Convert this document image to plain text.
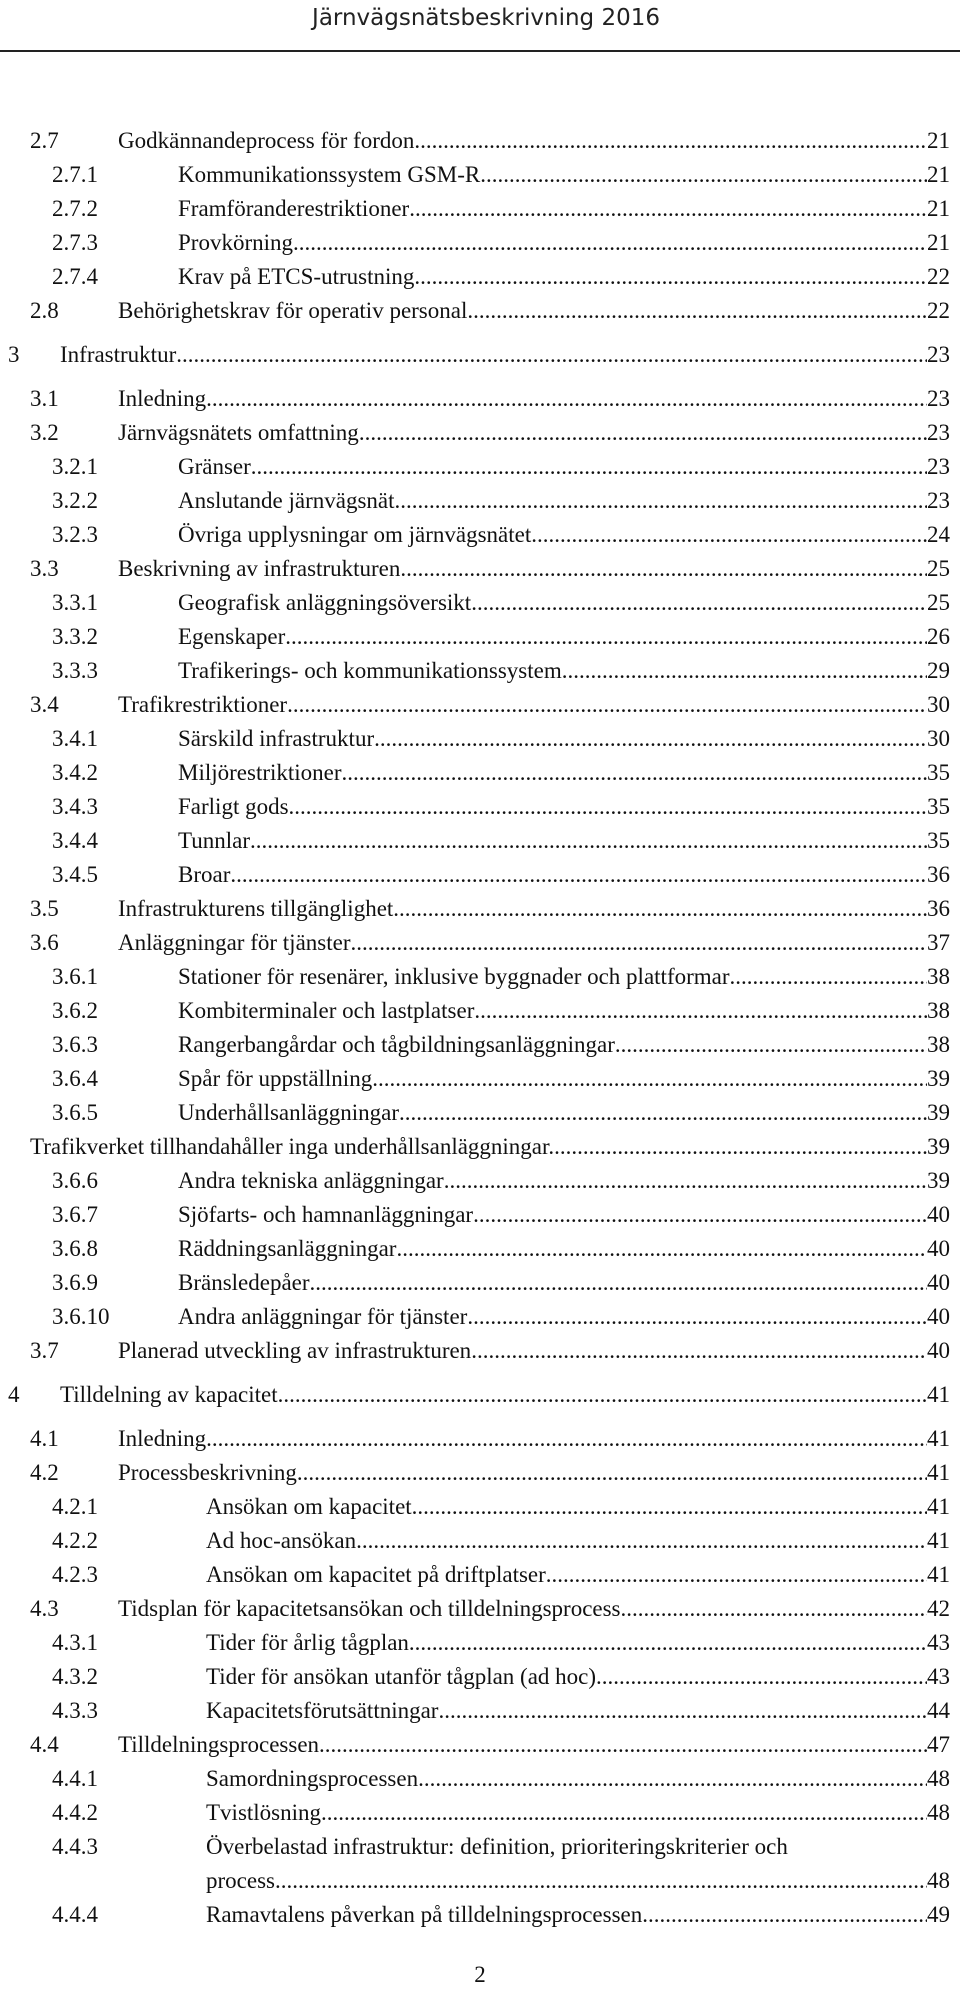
Järnvägsnätsbeskrivning 2016
2.7	Godkännandeprocess för fordon .....	21
2.7.1	Kommunikationssystem GSM-R .....	21
2.7.2	Framföranderestriktioner .....	21
2.7.3	Provkörning .....	21
2.7.4	Krav på ETCS-utrustning .....	22
2.8	Behörighetskrav för operativ personal .....	22
3 Infrastruktur .....	23
3.1	Inledning .....	23
3.2	Järnvägsnätets omfattning .....	23
3.2.1	Gränser .....	23
3.2.2	Anslutande järnvägsnät .....	23
3.2.3	Övriga upplysningar om järnvägsnätet .....	24
3.3	Beskrivning av infrastrukturen .....	25
3.3.1	Geografisk anläggningsöversikt .....	25
3.3.2	Egenskaper .....	26
3.3.3	Trafikerings- och kommunikationssystem .....	29
3.4	Trafikrestriktioner .....	30
3.4.1	Särskild infrastruktur .....	30
3.4.2	Miljörestriktioner .....	35
3.4.3	Farligt gods .....	35
3.4.4	Tunnlar .....	35
3.4.5	Broar .....	36
3.5	Infrastrukturens tillgänglighet .....	36
3.6	Anläggningar för tjänster .....	37
3.6.1	Stationer för resenärer, inklusive byggnader och plattformar .....	38
3.6.2	Kombiterminaler och lastplatser .....	38
3.6.3	Rangerbangårdar och tågbildningsanläggningar .....	38
3.6.4	Spår för uppställning .....	39
3.6.5	Underhållsanläggningar .....	39
Trafikverket tillhandahåller inga underhållsanläggningar. .....	39
3.6.6	Andra tekniska anläggningar .....	39
3.6.7	Sjöfarts- och hamnanläggningar .....	40
3.6.8	Räddningsanläggningar .....	40
3.6.9	Bränsledepåer .....	40
3.6.10	Andra anläggningar för tjänster .....	40
3.7	Planerad utveckling av infrastrukturen .....	40
4 Tilldelning av kapacitet .....	41
4.1	Inledning .....	41
4.2	Processbeskrivning .....	41
4.2.1	Ansökan om kapacitet .....	41
4.2.2	Ad hoc-ansökan .....	41
4.2.3	Ansökan om kapacitet på driftplatser .....	41
4.3	Tidsplan för kapacitetsansökan och tilldelningsprocess .....	42
4.3.1	Tider för årlig tågplan .....	43
4.3.2	Tider för ansökan utanför tågplan (ad hoc) .....	43
4.3.3	Kapacitetsförutsättningar .....	44
4.4	Tilldelningsprocessen .....	47
4.4.1	Samordningsprocessen .....	48
4.4.2	Tvistlösning .....	48
4.4.3	Överbelastad infrastruktur: definition, prioriteringskriterier och
process .....	48
4.4.4	Ramavtalens påverkan på tilldelningsprocessen .....	49
2
